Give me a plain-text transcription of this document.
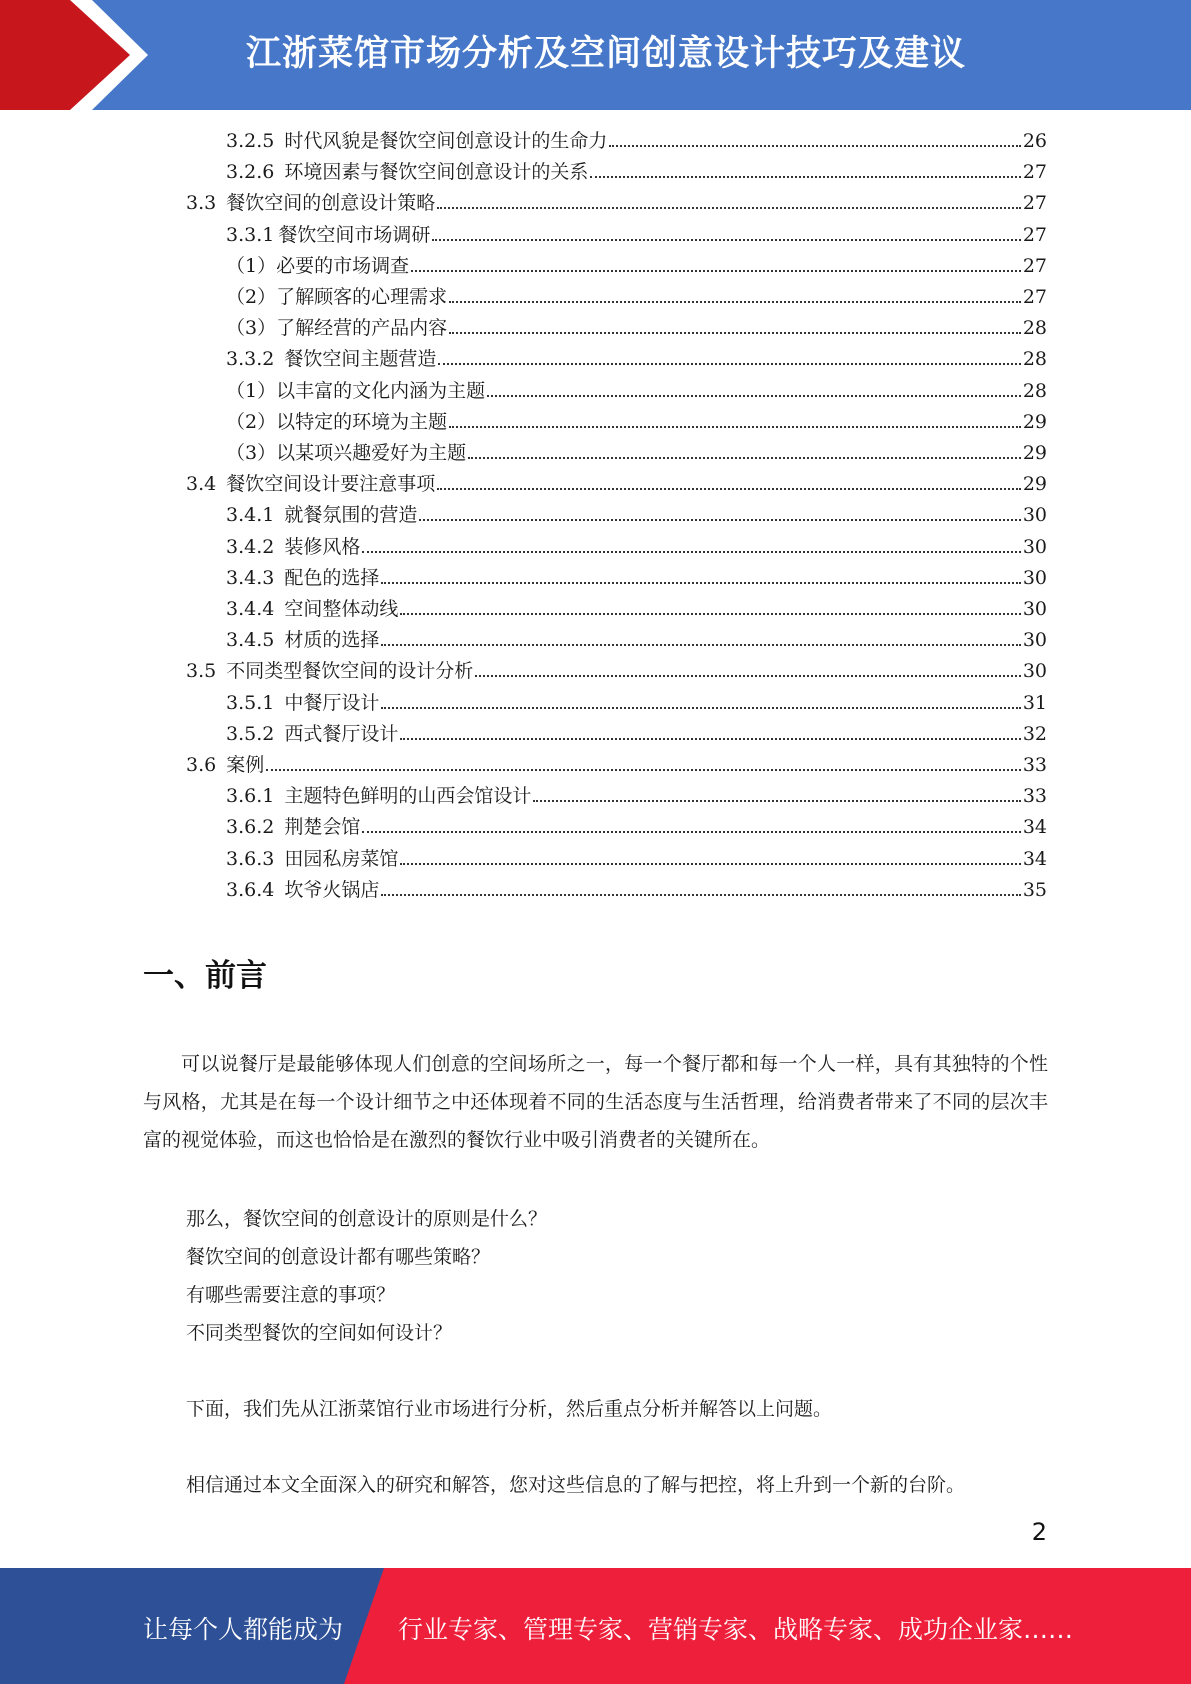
江浙菜馆市场分析及空间创意设计技巧及建议
3.2.5 时代风貌是餐饮空间创意设计的生命力	26
3.2.6 环境因素与餐饮空间创意设计的关系	27
3.3 餐饮空间的创意设计策略	27
3.3.1 餐饮空间市场调研	27
（1）必要的市场调查	27
（2）了解顾客的心理需求	27
（3）了解经营的产品内容	28
3.3.2 餐饮空间主题营造	28
（1）以丰富的文化内涵为主题	28
（2）以特定的环境为主题	29
（3）以某项兴趣爱好为主题	29
3.4 餐饮空间设计要注意事项	29
3.4.1 就餐氛围的营造	30
3.4.2 装修风格	30
3.4.3 配色的选择	30
3.4.4 空间整体动线	30
3.4.5 材质的选择	30
3.5 不同类型餐饮空间的设计分析	30
3.5.1 中餐厅设计	31
3.5.2 西式餐厅设计	32
3.6 案例	33
3.6.1 主题特色鲜明的山西会馆设计	33
3.6.2 荆楚会馆	34
3.6.3 田园私房菜馆	34
3.6.4 坎爷火锅店	35
一、前言
可以说餐厅是最能够体现人们创意的空间场所之一，每一个餐厅都和每一个人一样，具有其独特的个性与风格，尤其是在每一个设计细节之中还体现着不同的生活态度与生活哲理，给消费者带来了不同的层次丰富的视觉体验，而这也恰恰是在激烈的餐饮行业中吸引消费者的关键所在。
那么，餐饮空间的创意设计的原则是什么？
餐饮空间的创意设计都有哪些策略？
有哪些需要注意的事项？
不同类型餐饮的空间如何设计？
下面，我们先从江浙菜馆行业市场进行分析，然后重点分析并解答以上问题。
相信通过本文全面深入的研究和解答，您对这些信息的了解与把控，将上升到一个新的台阶。
2
让每个人都能成为 行业专家、管理专家、营销专家、战略专家、成功企业家……
